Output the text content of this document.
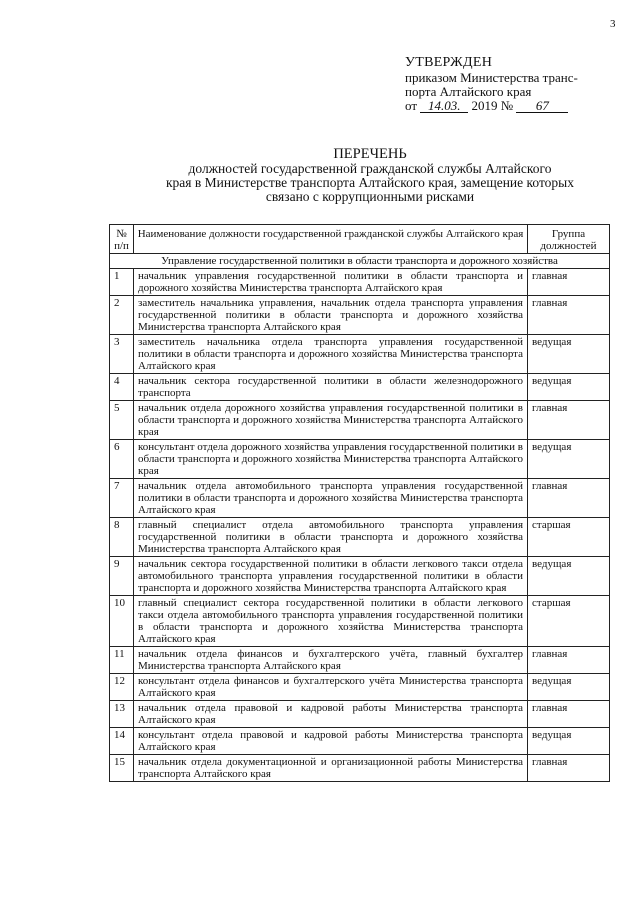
3
УТВЕРЖДЕН
приказом Министерства транс-
порта Алтайского края
от 14.03. 2019 № 67
ПЕРЕЧЕНЬ
должностей государственной гражданской службы Алтайского
края в Министерстве транспорта Алтайского края, замещение которых
связано с коррупционными рисками
№ п/п	Наименование должности государственной гражданской службы Алтайского края	Группа должностей
Управление государственной политики в области транспорта и дорожного хозяйства		
1	начальник управления государственной политики в области транспорта и дорожного хозяйства Министерства транспорта Алтайского края	главная
2	заместитель начальника управления, начальник отдела транспорта управления государственной политики в области транспорта и дорожного хозяйства Министерства транспорта Алтайского края	главная
3	заместитель начальника отдела транспорта управления государственной политики в области транспорта и дорожного хозяйства Министерства транспорта Алтайского края	ведущая
4	начальник сектора государственной политики в области железнодорожного транспорта	ведущая
5	начальник отдела дорожного хозяйства управления государственной политики в области транспорта и дорожного хозяйства Министерства транспорта Алтайского края	главная
6	консультант отдела дорожного хозяйства управления государственной политики в области транспорта и дорожного хозяйства Министерства транспорта Алтайского края	ведущая
7	начальник отдела автомобильного транспорта управления государственной политики в области транспорта и дорожного хозяйства Министерства транспорта Алтайского края	главная
8	главный специалист отдела автомобильного транспорта управления государственной политики в области транспорта и дорожного хозяйства Министерства транспорта Алтайского края	старшая
9	начальник сектора государственной политики в области легкового такси отдела автомобильного транспорта управления государственной политики в области транспорта и дорожного хозяйства Министерства транспорта Алтайского края	ведущая
10	главный специалист сектора государственной политики в области легкового такси отдела автомобильного транспорта управления государственной политики в области транспорта и дорожного хозяйства Министерства транспорта Алтайского края	старшая
11	начальник отдела финансов и бухгалтерского учёта, главный бухгалтер Министерства транспорта Алтайского края	главная
12	консультант отдела финансов и бухгалтерского учёта Министерства транспорта Алтайского края	ведущая
13	начальник отдела правовой и кадровой работы Министерства транспорта Алтайского края	главная
14	консультант отдела правовой и кадровой работы Министерства транспорта Алтайского края	ведущая
15	начальник отдела документационной и организационной работы Министерства транспорта Алтайского края	главная
